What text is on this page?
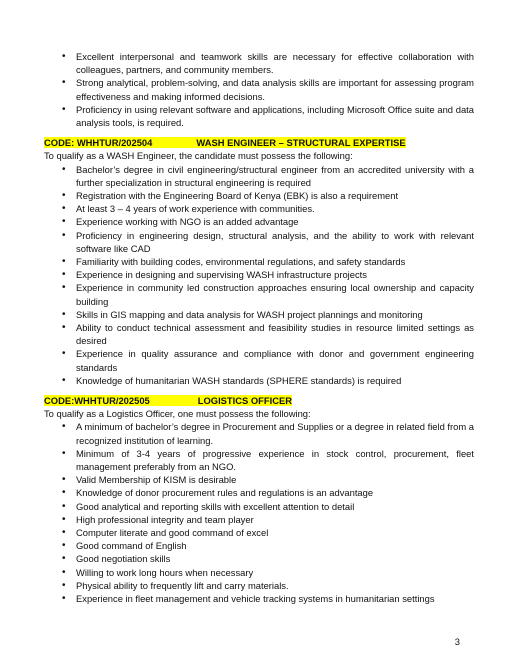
• Excellent interpersonal and teamwork skills are necessary for effective collaboration with colleagues, partners, and community members.
• Strong analytical, problem-solving, and data analysis skills are important for assessing program effectiveness and making informed decisions.
• Proficiency in using relevant software and applications, including Microsoft Office suite and data analysis tools, is required.
CODE: WHHTUR/202504	WASH ENGINEER – STRUCTURAL EXPERTISE

To qualify as a WASH Engineer, the candidate must possess the following:

• Bachelor’s degree in civil engineering/structural engineer from an accredited university with a further specialization in structural engineering is required
• Registration with the Engineering Board of Kenya (EBK) is also a requirement
• At least 3 – 4 years of work experience with communities.
• Experience working with NGO is an added advantage
• Proficiency in engineering design, structural analysis, and the ability to work with relevant software like CAD
• Familiarity with building codes, environmental regulations, and safety standards
• Experience in designing and supervising WASH infrastructure projects
• Experience in community led construction approaches ensuring local ownership and capacity building
• Skills in GIS mapping and data analysis for WASH project plannings and monitoring
• Ability to conduct technical assessment and feasibility studies in resource limited settings as desired
• Experience in quality assurance and compliance with donor and government engineering standards
• Knowledge of humanitarian WASH standards (SPHERE standards) is required
CODE:WHHTUR/202505	LOGISTICS OFFICER

To qualify as a Logistics Officer, one must possess the following:

• A minimum of bachelor’s degree in Procurement and Supplies or a degree in related field from a recognized institution of learning.
• Minimum of 3-4 years of progressive experience in stock control, procurement, fleet management preferably from an NGO.
• Valid Membership of KISM is desirable
• Knowledge of donor procurement rules and regulations is an advantage
• Good analytical and reporting skills with excellent attention to detail
• High professional integrity and team player
• Computer literate and good command of excel
• Good command of English
• Good negotiation skills
• Willing to work long hours when necessary
• Physical ability to frequently lift and carry materials.
• Experience in fleet management and vehicle tracking systems in humanitarian settings
3
